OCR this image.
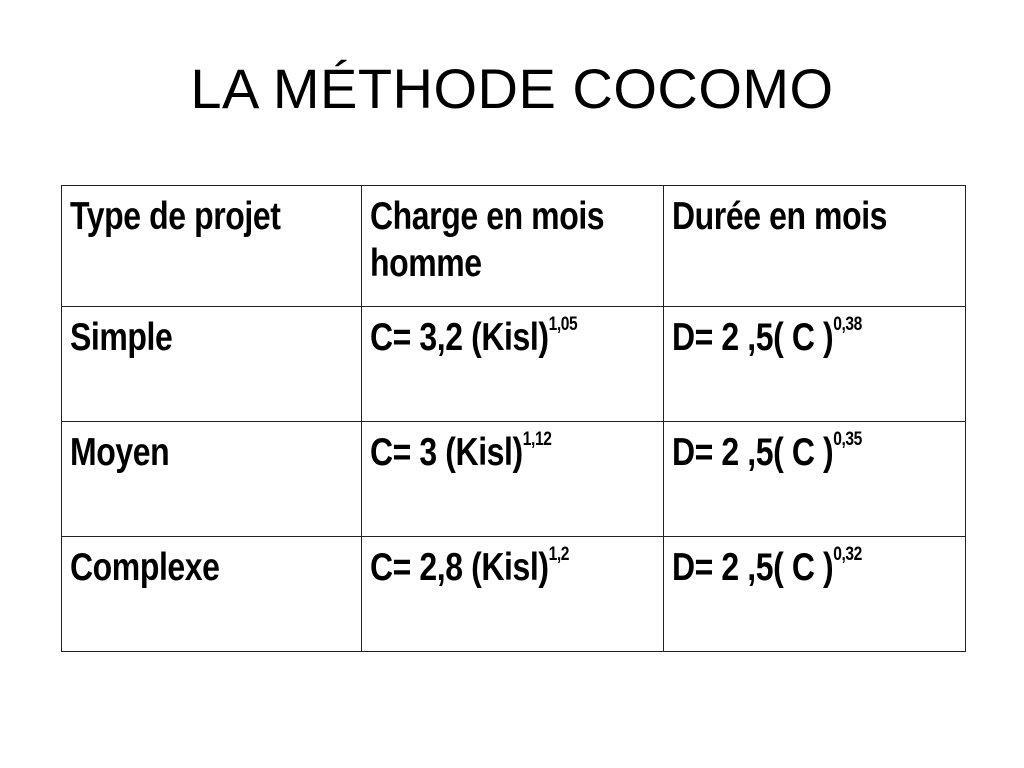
LA MÉTHODE COCOMO
Type de projet	Charge en mois homme	Durée en mois
Simple	C= 3,2 (Kisl)$^{1,05}$	D= 2 ,5( C )$^{0,38}$
Moyen	C= 3 (Kisl)$^{1,12}$	D= 2 ,5( C )$^{0,35}$
Complexe	C= 2,8 (Kisl)$^{1,2}$	D= 2 ,5( C )$^{0,32}$
